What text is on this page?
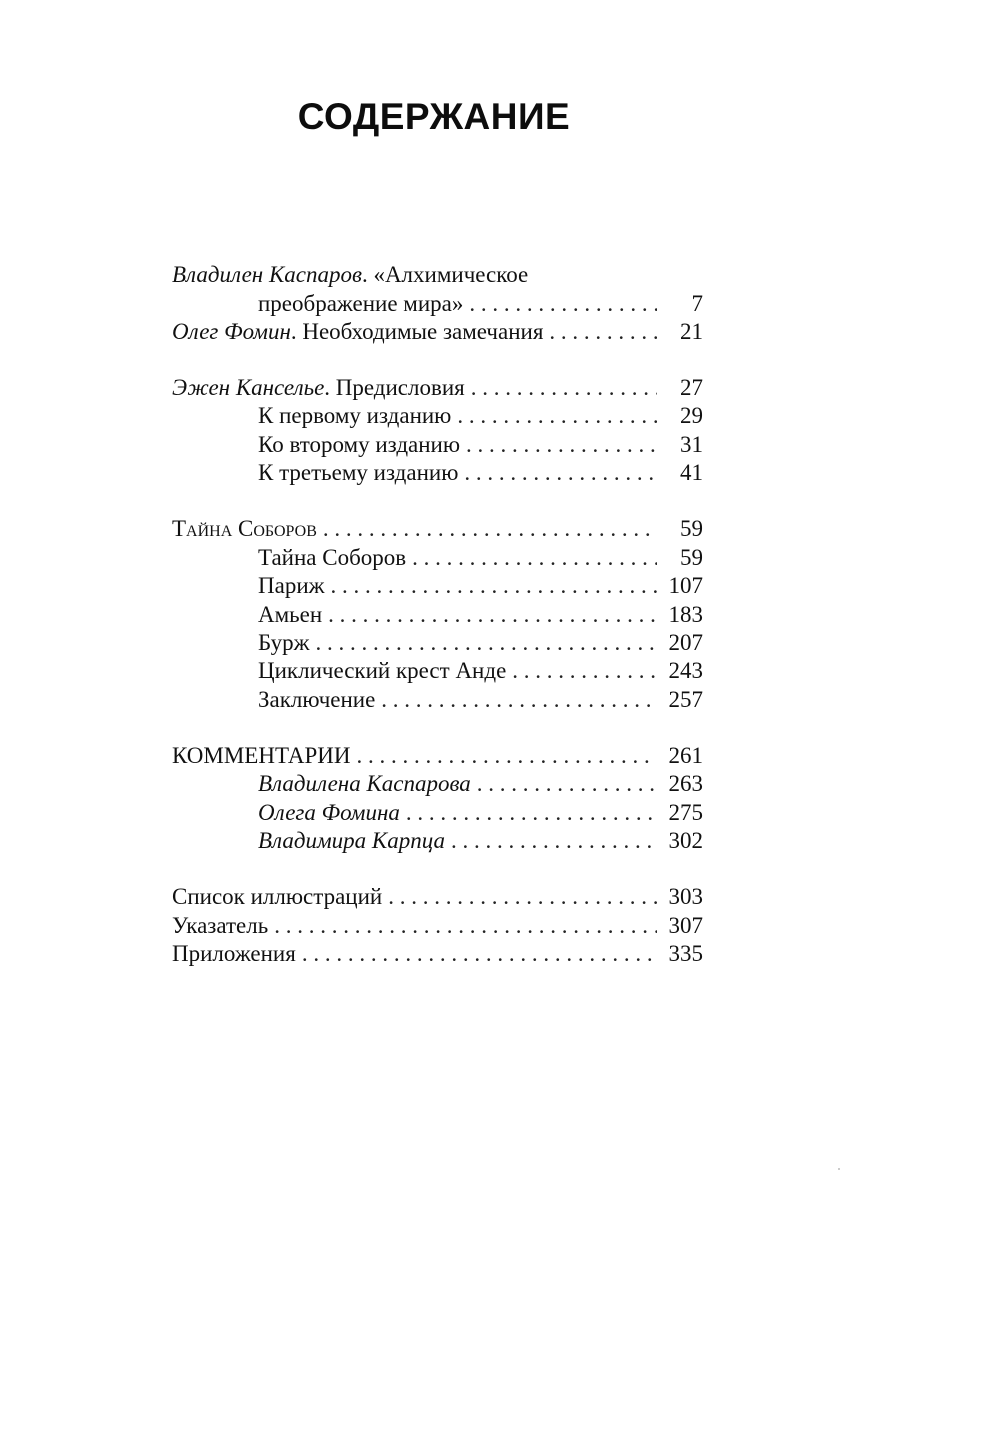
СОДЕРЖАНИЕ
Владилен Каспаров. «Алхимическое
преображение мира» . . .	7
Олег Фомин. Необходимые замечания . . .	21
Эжен Канселье. Предисловия . . .	27
К первому изданию . . .	29
Ко второму изданию . . .	31
К третьему изданию . . .	41
Тайна Соборов . . .	59
Тайна Соборов . . .	59
Париж . . .	107
Амьен . . .	183
Бурж . . .	207
Циклический крест Анде . . .	243
Заключение . . .	257
КОММЕНТАРИИ . . .	261
Владилена Каспарова . . .	263
Олега Фомина . . .	275
Владимира Карпца . . .	302
Список иллюстраций . . .	303
Указатель . . .	307
Приложения . . .	335
